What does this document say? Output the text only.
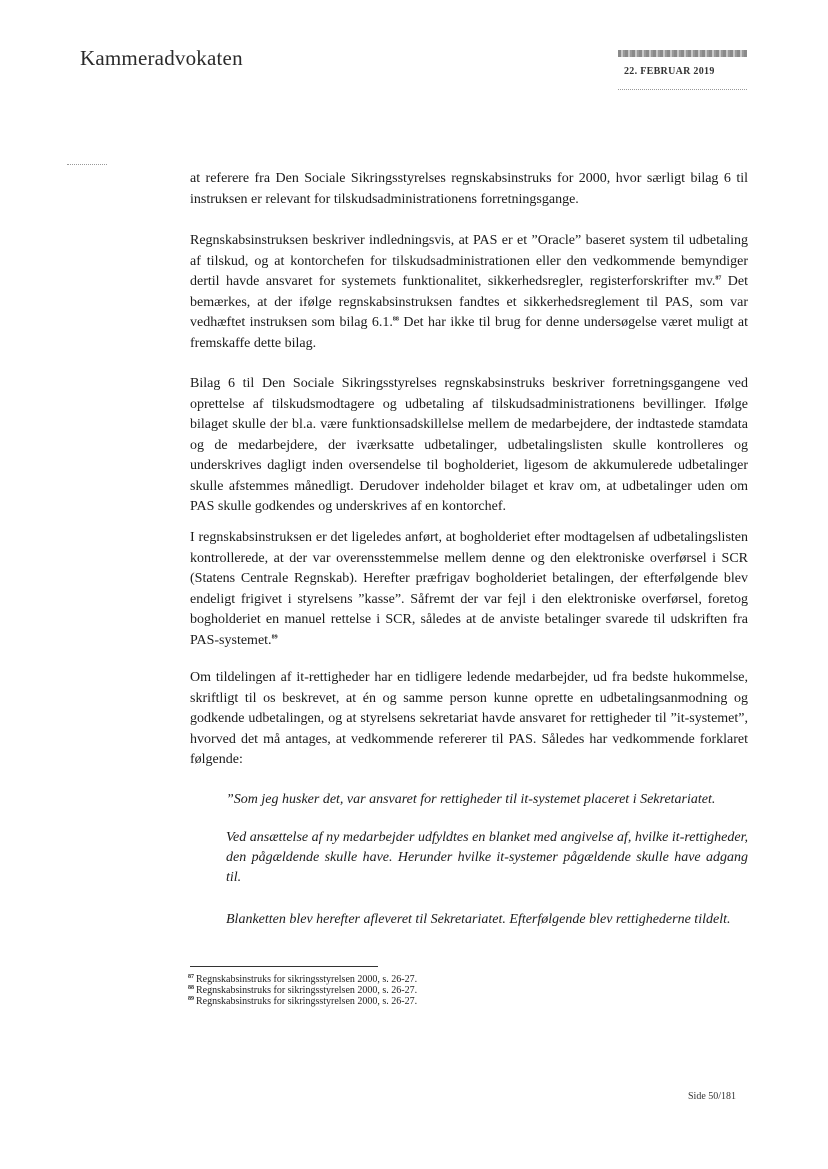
Kammeradvokaten
22. FEBRUAR 2019
at referere fra Den Sociale Sikringsstyrelses regnskabsinstruks for 2000, hvor særligt bilag 6 til instruksen er relevant for tilskudsadministrationens forretningsgange.
Regnskabsinstruksen beskriver indledningsvis, at PAS er et ”Oracle” baseret system til udbetaling af tilskud, og at kontorchefen for tilskudsadministrationen eller den vedkommende bemyndiger dertil havde ansvaret for systemets funktionalitet, sikkerhedsregler, registerforskrifter mv.$^{87}$ Det bemærkes, at der ifølge regnskabsinstruksen fandtes et sikkerhedsreglement til PAS, som var vedhæftet instruksen som bilag 6.1.88 Det har ikke til brug for denne undersøgelse været muligt at fremskaffe dette bilag.
Bilag 6 til Den Sociale Sikringsstyrelses regnskabsinstruks beskriver forretningsgangene ved oprettelse af tilskudsmodtagere og udbetaling af tilskudsadministrationens bevillinger. Ifølge bilaget skulle der bl.a. være funktionsadskillelse mellem de medarbejdere, der indtastede stamdata og de medarbejdere, der iværksatte udbetalinger, udbetalingslisten skulle kontrolleres og underskrives dagligt inden oversendelse til bogholderiet, ligesom de akkumulerede udbetalinger skulle afstemmes månedligt. Derudover indeholder bilaget et krav om, at udbetalinger uden om PAS skulle godkendes og underskrives af en kontorchef.
I regnskabsinstruksen er det ligeledes anført, at bogholderiet efter modtagelsen af udbetalingslisten kontrollerede, at der var overensstemmelse mellem denne og den elektroniske overførsel i SCR (Statens Centrale Regnskab). Herefter præfrigav bogholderiet betalingen, der efterfølgende blev endeligt frigivet i styrelsens ”kasse”. Såfremt der var fejl i den elektroniske overførsel, foretog bogholderiet en manuel rettelse i SCR, således at de anviste betalinger svarede til udskriften fra PAS-systemet.$^{89}$
Om tildelingen af it-rettigheder har en tidligere ledende medarbejder, ud fra bedste hukommelse, skriftligt til os beskrevet, at én og samme person kunne oprette en udbetalingsanmodning og godkende udbetalingen, og at styrelsens sekretariat havde ansvaret for rettigheder til ”it-systemet”, hvorved det må antages, at vedkommende refererer til PAS. Således har vedkommende forklaret følgende:
”Som jeg husker det, var ansvaret for rettigheder til it-systemet placeret i Sekretariatet.
Ved ansættelse af ny medarbejder udfyldtes en blanket med angivelse af, hvilke it-rettigheder, den pågældende skulle have. Herunder hvilke it-systemer pågældende skulle have adgang til.
Blanketten blev herefter afleveret til Sekretariatet. Efterfølgende blev rettighederne tildelt.
$^{87}$ Regnskabsinstruks for sikringsstyrelsen 2000, s. 26-27.
$^{88}$ Regnskabsinstruks for sikringsstyrelsen 2000, s. 26-27.
$^{89}$ Regnskabsinstruks for sikringsstyrelsen 2000, s. 26-27.
Side 50/181
